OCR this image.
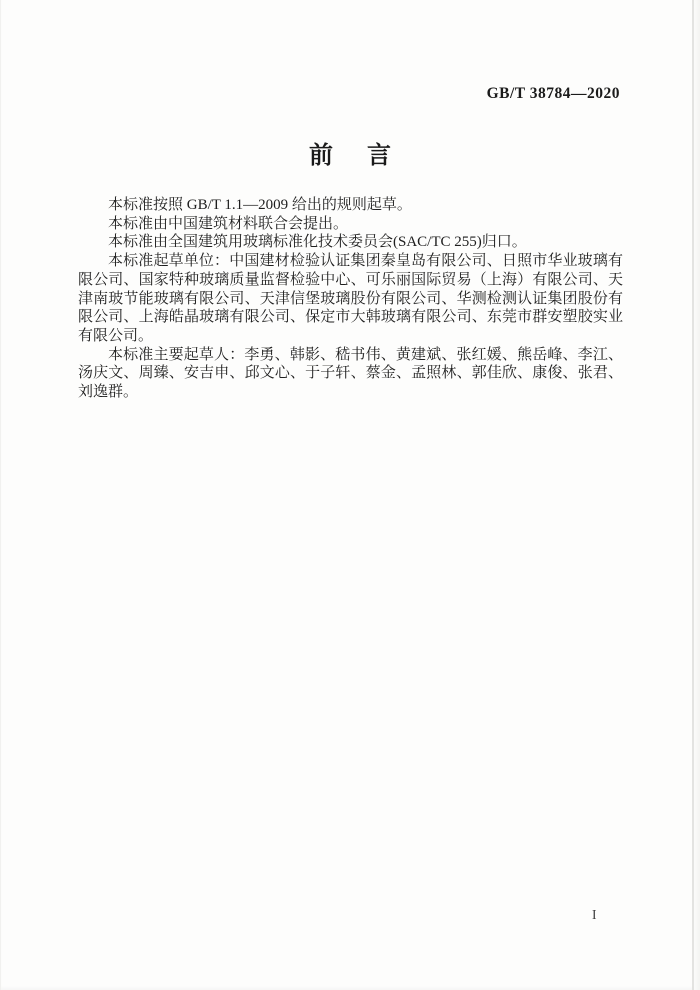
GB/T 38784—2020
前 言

本标准按照 GB/T 1.1—2009 给出的规则起草。

本标准由中国建筑材料联合会提出。

本标准由全国建筑用玻璃标准化技术委员会(SAC/TC 255)归口。

本标准起草单位：中国建材检验认证集团秦皇岛有限公司、日照市华业玻璃有限公司、国家特种玻璃质量监督检验中心、可乐丽国际贸易（上海）有限公司、天津南玻节能玻璃有限公司、天津信堡玻璃股份有限公司、华测检测认证集团股份有限公司、上海皓晶玻璃有限公司、保定市大韩玻璃有限公司、东莞市群安塑胶实业有限公司。

本标准主要起草人：李勇、韩影、嵇书伟、黄建斌、张红媛、熊岳峰、李江、汤庆文、周臻、安吉申、邱文心、于子轩、蔡金、孟照林、郭佳欣、康俊、张君、刘逸群。

I
